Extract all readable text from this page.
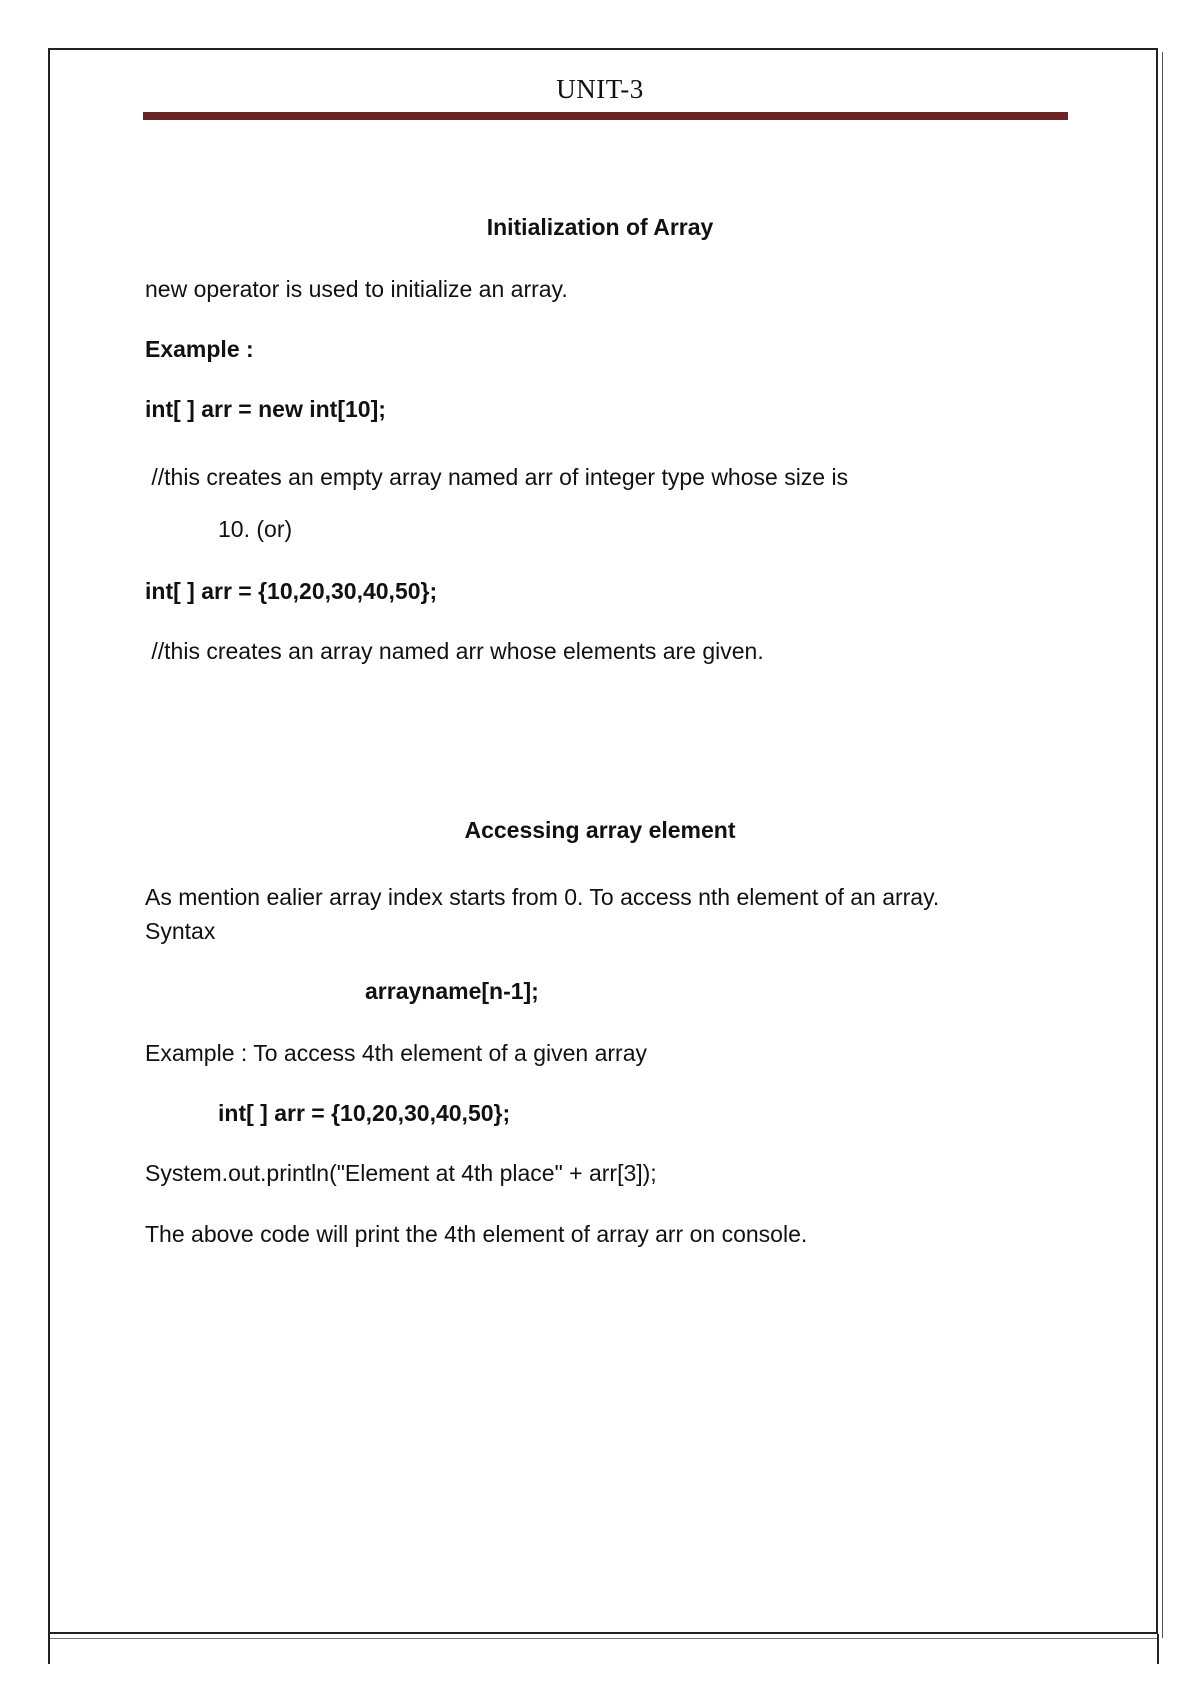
UNIT-3
Initialization of Array
new operator is used to initialize an array.
Example :
int[ ] arr = new int[10];
//this creates an empty array named arr of integer type whose size is
10. (or)
int[ ] arr = {10,20,30,40,50};
//this creates an array named arr whose elements are given.
Accessing array element
As mention ealier array index starts from 0. To access nth element of an array.
Syntax
arrayname[n-1];
Example : To access 4th element of a given array
int[ ] arr = {10,20,30,40,50};
System.out.println("Element at 4th place" + arr[3]);
The above code will print the 4th element of array arr on console.
